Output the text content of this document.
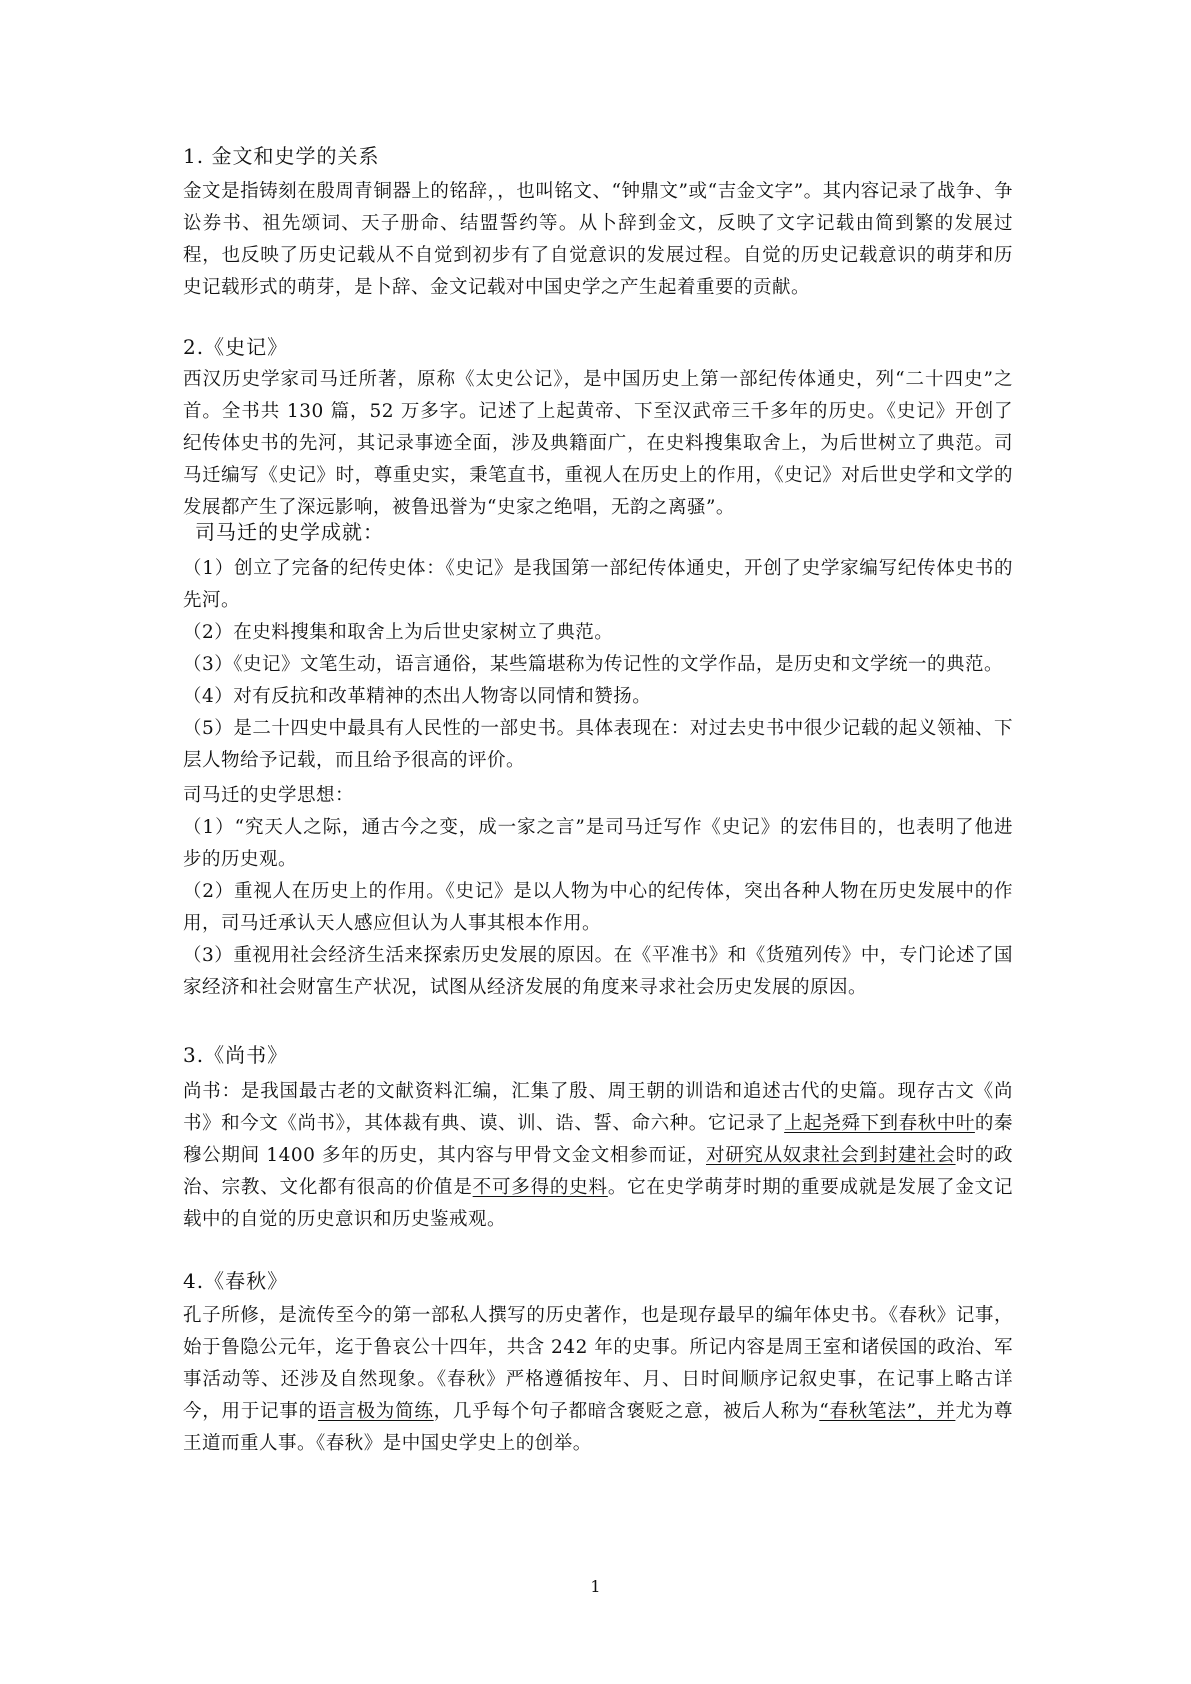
1. 金文和史学的关系

金文是指铸刻在殷周青铜器上的铭辞，，也叫铭文、“钟鼎文”或“吉金文字”。其内容记录了战争、争讼券书、祖先颂词、天子册命、结盟誓约等。从卜辞到金文，反映了文字记载由简到繁的发展过程，也反映了历史记载从不自觉到初步有了自觉意识的发展过程。自觉的历史记载意识的萌芽和历史记载形式的萌芽，是卜辞、金文记载对中国史学之产生起着重要的贡献。

2.《史记》

西汉历史学家司马迁所著，原称《太史公记》，是中国历史上第一部纪传体通史，列“二十四史”之首。全书共 130 篇，52 万多字。记述了上起黄帝、下至汉武帝三千多年的历史。《史记》开创了纪传体史书的先河，其记录事迹全面，涉及典籍面广，在史料搜集取舍上，为后世树立了典范。司马迁编写《史记》时，尊重史实，秉笔直书，重视人在历史上的作用，《史记》对后世史学和文学的发展都产生了深远影响，被鲁迅誉为“史家之绝唱，无韵之离骚”。

司马迁的史学成就：

（1）创立了完备的纪传史体：《史记》是我国第一部纪传体通史，开创了史学家编写纪传体史书的先河。

（2）在史料搜集和取舍上为后世史家树立了典范。

（3）《史记》文笔生动，语言通俗，某些篇堪称为传记性的文学作品，是历史和文学统一的典范。

（4）对有反抗和改革精神的杰出人物寄以同情和赞扬。

（5）是二十四史中最具有人民性的一部史书。具体表现在：对过去史书中很少记载的起义领袖、下层人物给予记载，而且给予很高的评价。

司马迁的史学思想：

（1）“究天人之际，通古今之变，成一家之言”是司马迁写作《史记》的宏伟目的，也表明了他进步的历史观。

（2）重视人在历史上的作用。《史记》是以人物为中心的纪传体，突出各种人物在历史发展中的作用，司马迁承认天人感应但认为人事其根本作用。

（3）重视用社会经济生活来探索历史发展的原因。在《平准书》和《货殖列传》中，专门论述了国家经济和社会财富生产状况，试图从经济发展的角度来寻求社会历史发展的原因。

3.《尚书》

尚书：是我国最古老的文献资料汇编，汇集了殷、周王朝的训诰和追述古代的史篇。现存古文《尚书》和今文《尚书》，其体裁有典、谟、训、诰、誓、命六种。它记录了上起尧舜下到春秋中叶的秦穆公期间 1400 多年的历史，其内容与甲骨文金文相参而证，对研究从奴隶社会到封建社会时的政治、宗教、文化都有很高的价值是不可多得的史料。它在史学萌芽时期的重要成就是发展了金文记载中的自觉的历史意识和历史鉴戒观。

4.《春秋》

孔子所修，是流传至今的第一部私人撰写的历史著作，也是现存最早的编年体史书。《春秋》记事，始于鲁隐公元年，迄于鲁哀公十四年，共含 242 年的史事。所记内容是周王室和诸侯国的政治、军事活动等、还涉及自然现象。《春秋》严格遵循按年、月、日时间顺序记叙史事，在记事上略古详今，用于记事的语言极为简练，几乎每个句子都暗含褒贬之意，被后人称为“春秋笔法”，并尤为尊王道而重人事。《春秋》是中国史学史上的创举。

1
